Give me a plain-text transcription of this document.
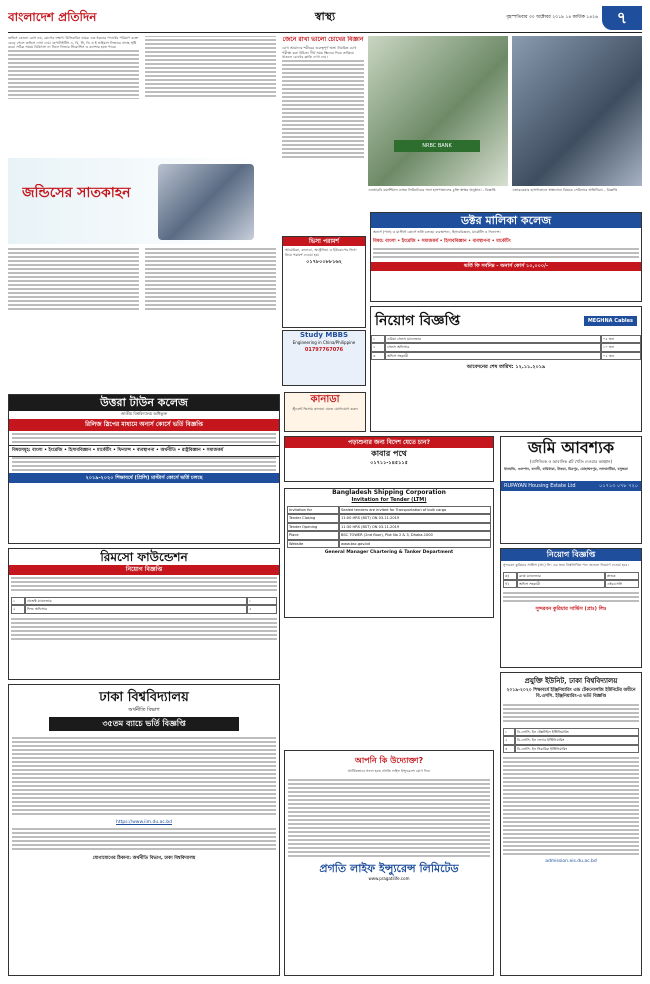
বাংলাদেশ প্রতিদিন	স্বাস্থ্য	বৃহস্পতিবার ৩০ অক্টোবর ২০১৯ ১৪ কার্তিক ১৪২৬	৭
জন্ডিস কোনো রোগ নয়, রোগের লক্ষণ। বিলিরুবিন নামক এক ধরনের পদার্থের পরিমাণ রক্তে বেড়ে গেলে জন্ডিস দেখা দেয়। হেপাটাইটিস এ, বি, সি, ডি ও ই ভাইরাস লিভারে প্রদাহ সৃষ্টি করে। সঠিক সময়ে চিকিৎসা না নিলে লিভার সিরোসিস ও ক্যান্সার হতে পারে।
জন্ডিসের সাতকাহন
জেনে রাখা ভালো চোখের বিজ্ঞান
চোখ আমাদের শরীরের গুরুত্বপূর্ণ অঙ্গ। নিয়মিত চোখ পরীক্ষা করা উচিত। দীর্ঘ সময় স্ক্রিনের দিকে তাকিয়ে থাকলে চোখের ক্লান্তি দেখা দেয়।
NRBC BANK
এনআরবি কমার্শিয়াল ব্যাংক লিমিটেডের সঙ্গে হাসপাতালের চুক্তি স্বাক্ষর অনুষ্ঠান। - বিজ্ঞপ্তি	এভারকেয়ার হাসপাতালে স্বাস্থ্যসেবা বিষয়ক সেমিনারে অতিথিরা। - বিজ্ঞপ্তি
ভিসা পরামর্শ
আমেরিকা, কানাডা, অস্ট্রেলিয়া ও ইউরোপের ভিসা নিয়ে পরামর্শ দেওয়া হয়।
০১৭৮০০৮৮১৬২
Study MBBS
Engineering in China/Philippine
01797767076
ডক্টর মালিকা কলেজ
অনার্স (পাস) ও মাস্টার্স কোর্সে ভর্তি চলছে। ব্যবস্থাপনা, হিসাববিজ্ঞান, মার্কেটিং ও ফিন্যান্স।
বিষয়: বাংলা • ইংরেজি • সমাজকর্ম • হিসাববিজ্ঞান • ব্যবস্থাপনা • মার্কেটিং
ভর্তি ফি সর্বনিম্ন - অনার্স কোর্স ১০,০০০/-
নিয়োগ বিজ্ঞপ্তি	MEGHNA Cables
১	এরিয়া সেলস ম্যানেজার	০৫ জন
২	সেলস অফিসার	১০ জন
৩	অফিস সহকারী	০২ জন
আবেদনের শেষ তারিখ: ১২.১১.২০১৯
উত্তরা টাউন কলেজ
জাতীয় বিশ্ববিদ্যালয় অধিভুক্ত
রিলিজ স্লিপের মাধ্যমে অনার্স কোর্সে ভর্তি বিজ্ঞপ্তি
বিষয়সমূহ: বাংলা • ইংরেজি • হিসাববিজ্ঞান • মার্কেটিং • ফিন্যান্স • ব্যবস্থাপনা • অর্থনীতি • রাষ্ট্রবিজ্ঞান • সমাজকর্ম
২০১৯-২০২০ শিক্ষাবর্ষে (প্রিলি) মাস্টার্স কোর্সে ভর্তি চলছে
কানাডা
স্টুডেন্ট ভিসায় কানাডা যেতে যোগাযোগ করুন
পড়াশুনার জন্য বিদেশ যেতে চান?
কাবার পথে
০১৭১১-১৪৫১১৫
জমি আবশ্যক
(বাণিজ্যিক ও আবাসিক প্লট খোঁজ দেওয়ার আহ্বান)
ধানমন্ডি, গুলশান, বনানী, বারিধারা, উত্তরা, মিরপুর, মোহাম্মদপুর, লালমাটিয়া, বসুন্ধরা
RUPAYAN Housing Estate Ltd	০১৭১৩ ০৭৮ ৭২০
Bangladesh Shipping Corporation
Invitation for Tender (LTM)
Invitation for	Sealed tenders are invited for Transportation of bulk cargo
Tender Closing	11:00 HRS (BST) ON 03.11.2019
Tender Opening	11:30 HRS (BST) ON 03.11.2019
Place	BSC TOWER (2nd floor), Plot No 2 & 3, Dhaka-1000
Website	www.bsc.gov.bd
General Manager Chartering & Tanker Department
রিমসো ফাউন্ডেশন
নিয়োগ বিজ্ঞপ্তি
১	প্রজেক্ট ম্যানেজার	১
২	ফিল্ড অফিসার	৫
নিয়োগ বিজ্ঞপ্তি
সুন্দরবন কুরিয়ার সার্ভিস (প্রা:) লি: এর জন্য নিম্নলিখিত পদে জনবল নিয়োগ দেওয়া হবে।
ক)	ব্রাঞ্চ ম্যানেজার	স্নাতক
খ)	অফিস সহকারী	এইচএসসি
সুন্দরবন কুরিয়ার সার্ভিস (প্রাঃ) লিঃ
ঢাকা বিশ্ববিদ্যালয়
অর্থনীতি বিভাগ
৩৫তম ব্যাচে ভর্তি বিজ্ঞপ্তি
https://www.iim.du.ac.bd
যোগাযোগের ঠিকানা: অর্থনীতি বিভাগ, ঢাকা বিশ্ববিদ্যালয়
আপনি কি উদ্যোক্তা?
আর্থিকভাবে সফল হতে প্রগতি লাইফ ইন্স্যুরেন্সে যোগ দিন।
প্রগতি লাইফ ইন্স্যুরেন্স লিমিটেড
www.pragatilife.com
প্রযুক্তি ইউনিট, ঢাকা বিশ্ববিদ্যালয়
২০১৯-২০২০ শিক্ষাবর্ষে ইঞ্জিনিয়ারিং এন্ড টেকনোলজি ইউনিটের অধীনে বি.এসসি. ইঞ্জিনিয়ারিং-এ ভর্তি বিজ্ঞপ্তি
১	বি.এসসি. ইন টেক্সটাইল ইঞ্জিনিয়ারিং
২	বি.এসসি. ইন লেদার ইঞ্জিনিয়ারিং
৩	বি.এসসি. ইন সিরামিক ইঞ্জিনিয়ারিং
admission.eis.du.ac.bd
